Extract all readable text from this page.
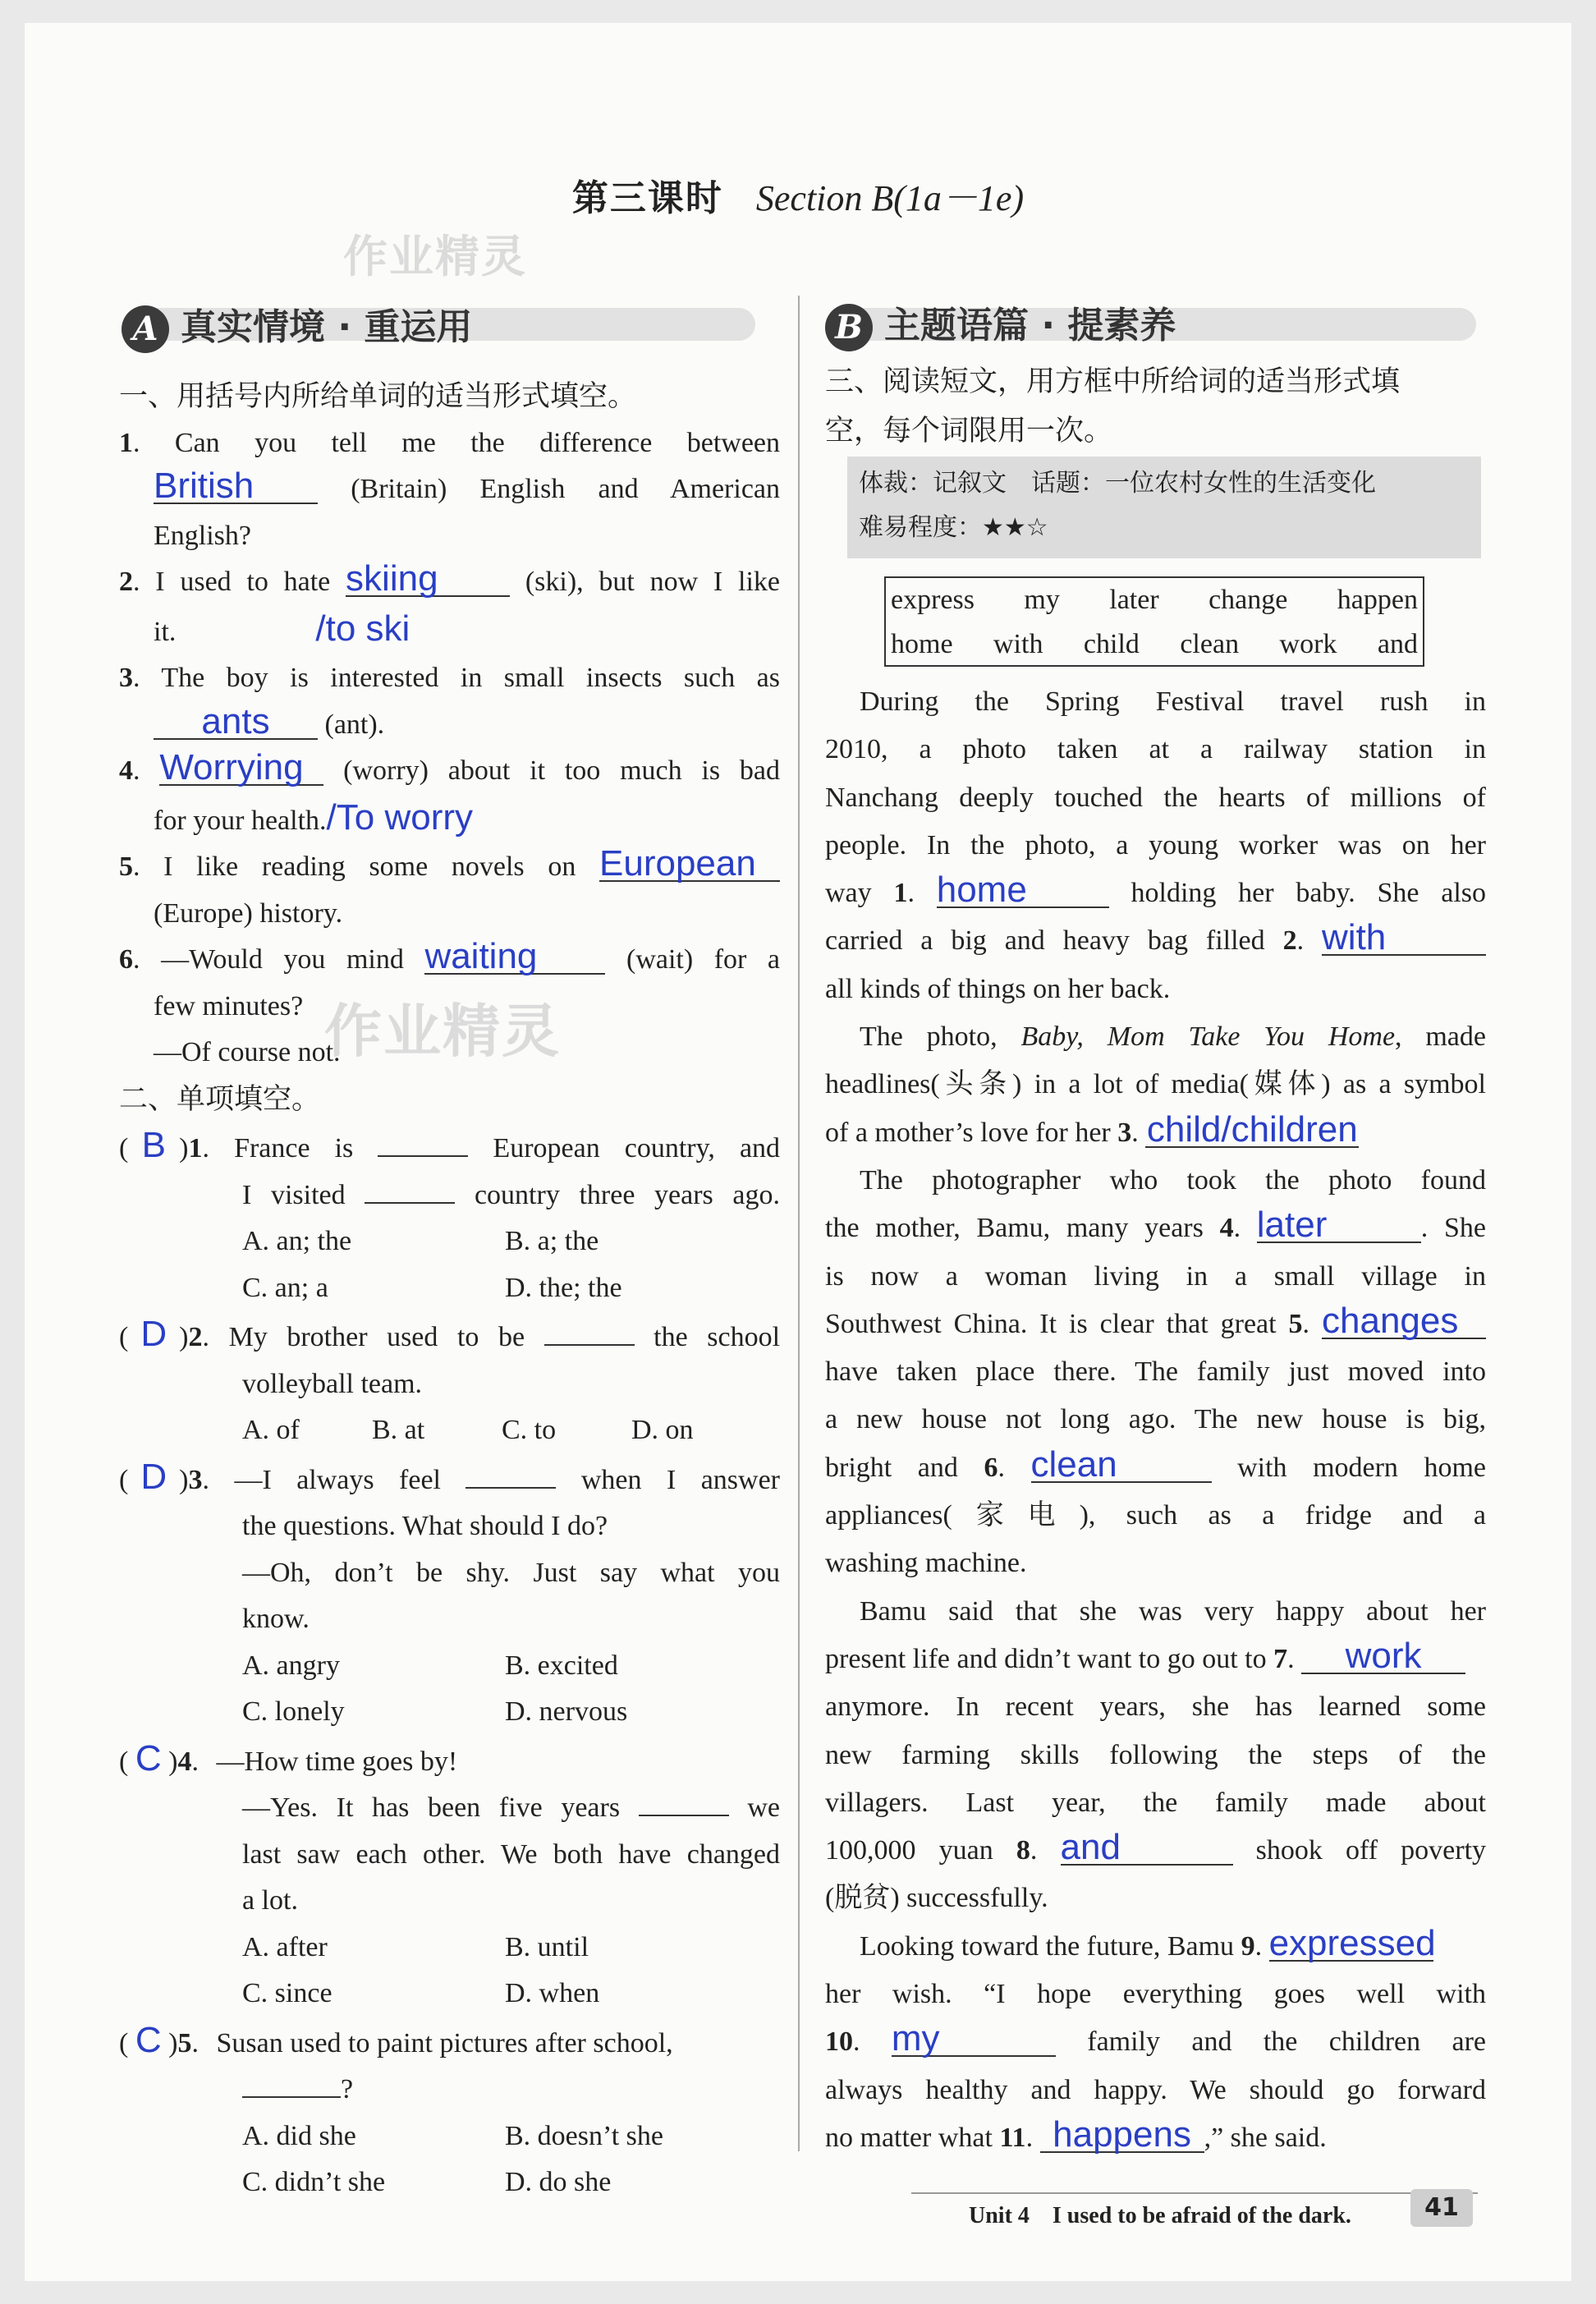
第三课时 Section B(1a－1e)
作业精灵
作业精灵
A 真实情境 · 重运用	B 主题语篇 · 提素养
一、用括号内所给单词的适当形式填空。
1. Can you tell me the difference between
British	(Britain) English and American
English?
2. I used to hate skiing	(ski), but now I like
it.	/to ski
3. The boy is interested in small insects such as
ants (ant).
4. Worrying (worry) about it too much is bad
for your health./To worry
5. I like reading some novels on European
(Europe) history.
6. —Would you mind waiting	(wait) for a
few minutes?
—Of course not.
二、单项填空。
( B )1. France is	European country, and
I visited	country three years ago.
A. an; the	B. a; the
C. an; a	D. the; the
( D )2. My brother used to be	the school
volleyball team.
A. of	B. at	C. to	D. on
( D )3. —I always feel	when I answer
the questions. What should I do?
—Oh, don’t be shy. Just say what you
know.
A. angry	B. excited
C. lonely	D. nervous
( C )4. —How time goes by!
—Yes. It has been five years	we
last saw each other. We both have changed
a lot.
A. after	B. until
C. since	D. when
( C )5. Susan used to paint pictures after school,
?
A. did she	B. doesn’t she
C. didn’t she	D. do she
三、阅读短文，用方框中所给词的适当形式填
空，每个词限用一次。
体裁：记叙文　话题：一位农村女性的生活变化
难易程度：★★☆
express my later change happen
home with child clean work and
During the Spring Festival travel rush in
2010, a photo taken at a railway station in
Nanchang deeply touched the hearts of millions of
people. In the photo, a young worker was on her
way 1. home	holding her baby. She also
carried a big and heavy bag filled 2. with
all kinds of things on her back.
The photo, Baby, Mom Take You Home, made
headlines(头条) in a lot of media(媒体) as a symbol
of a mother’s love for her 3. child/children
The photographer who took the photo found
the mother, Bamu, many years 4. later	. She
is now a woman living in a small village in
Southwest China. It is clear that great 5. changes
have taken place there. The family just moved into
a new house not long ago. The new house is big,
bright and 6. clean	with modern home
appliances(家电), such as a fridge and a
washing machine.
Bamu said that she was very happy about her
present life and didn’t want to go out to 7. work
anymore. In recent years, she has learned some
new farming skills following the steps of the
villagers. Last year, the family made about
100,000 yuan 8. and	shook off poverty
(脱贫) successfully.
Looking toward the future, Bamu 9. expressed
her wish. “I hope everything goes well with
10. my	family and the children are
always healthy and happy. We should go forward
no matter what 11. happens ,” she said.
Unit 4　I used to be afraid of the dark.	41
